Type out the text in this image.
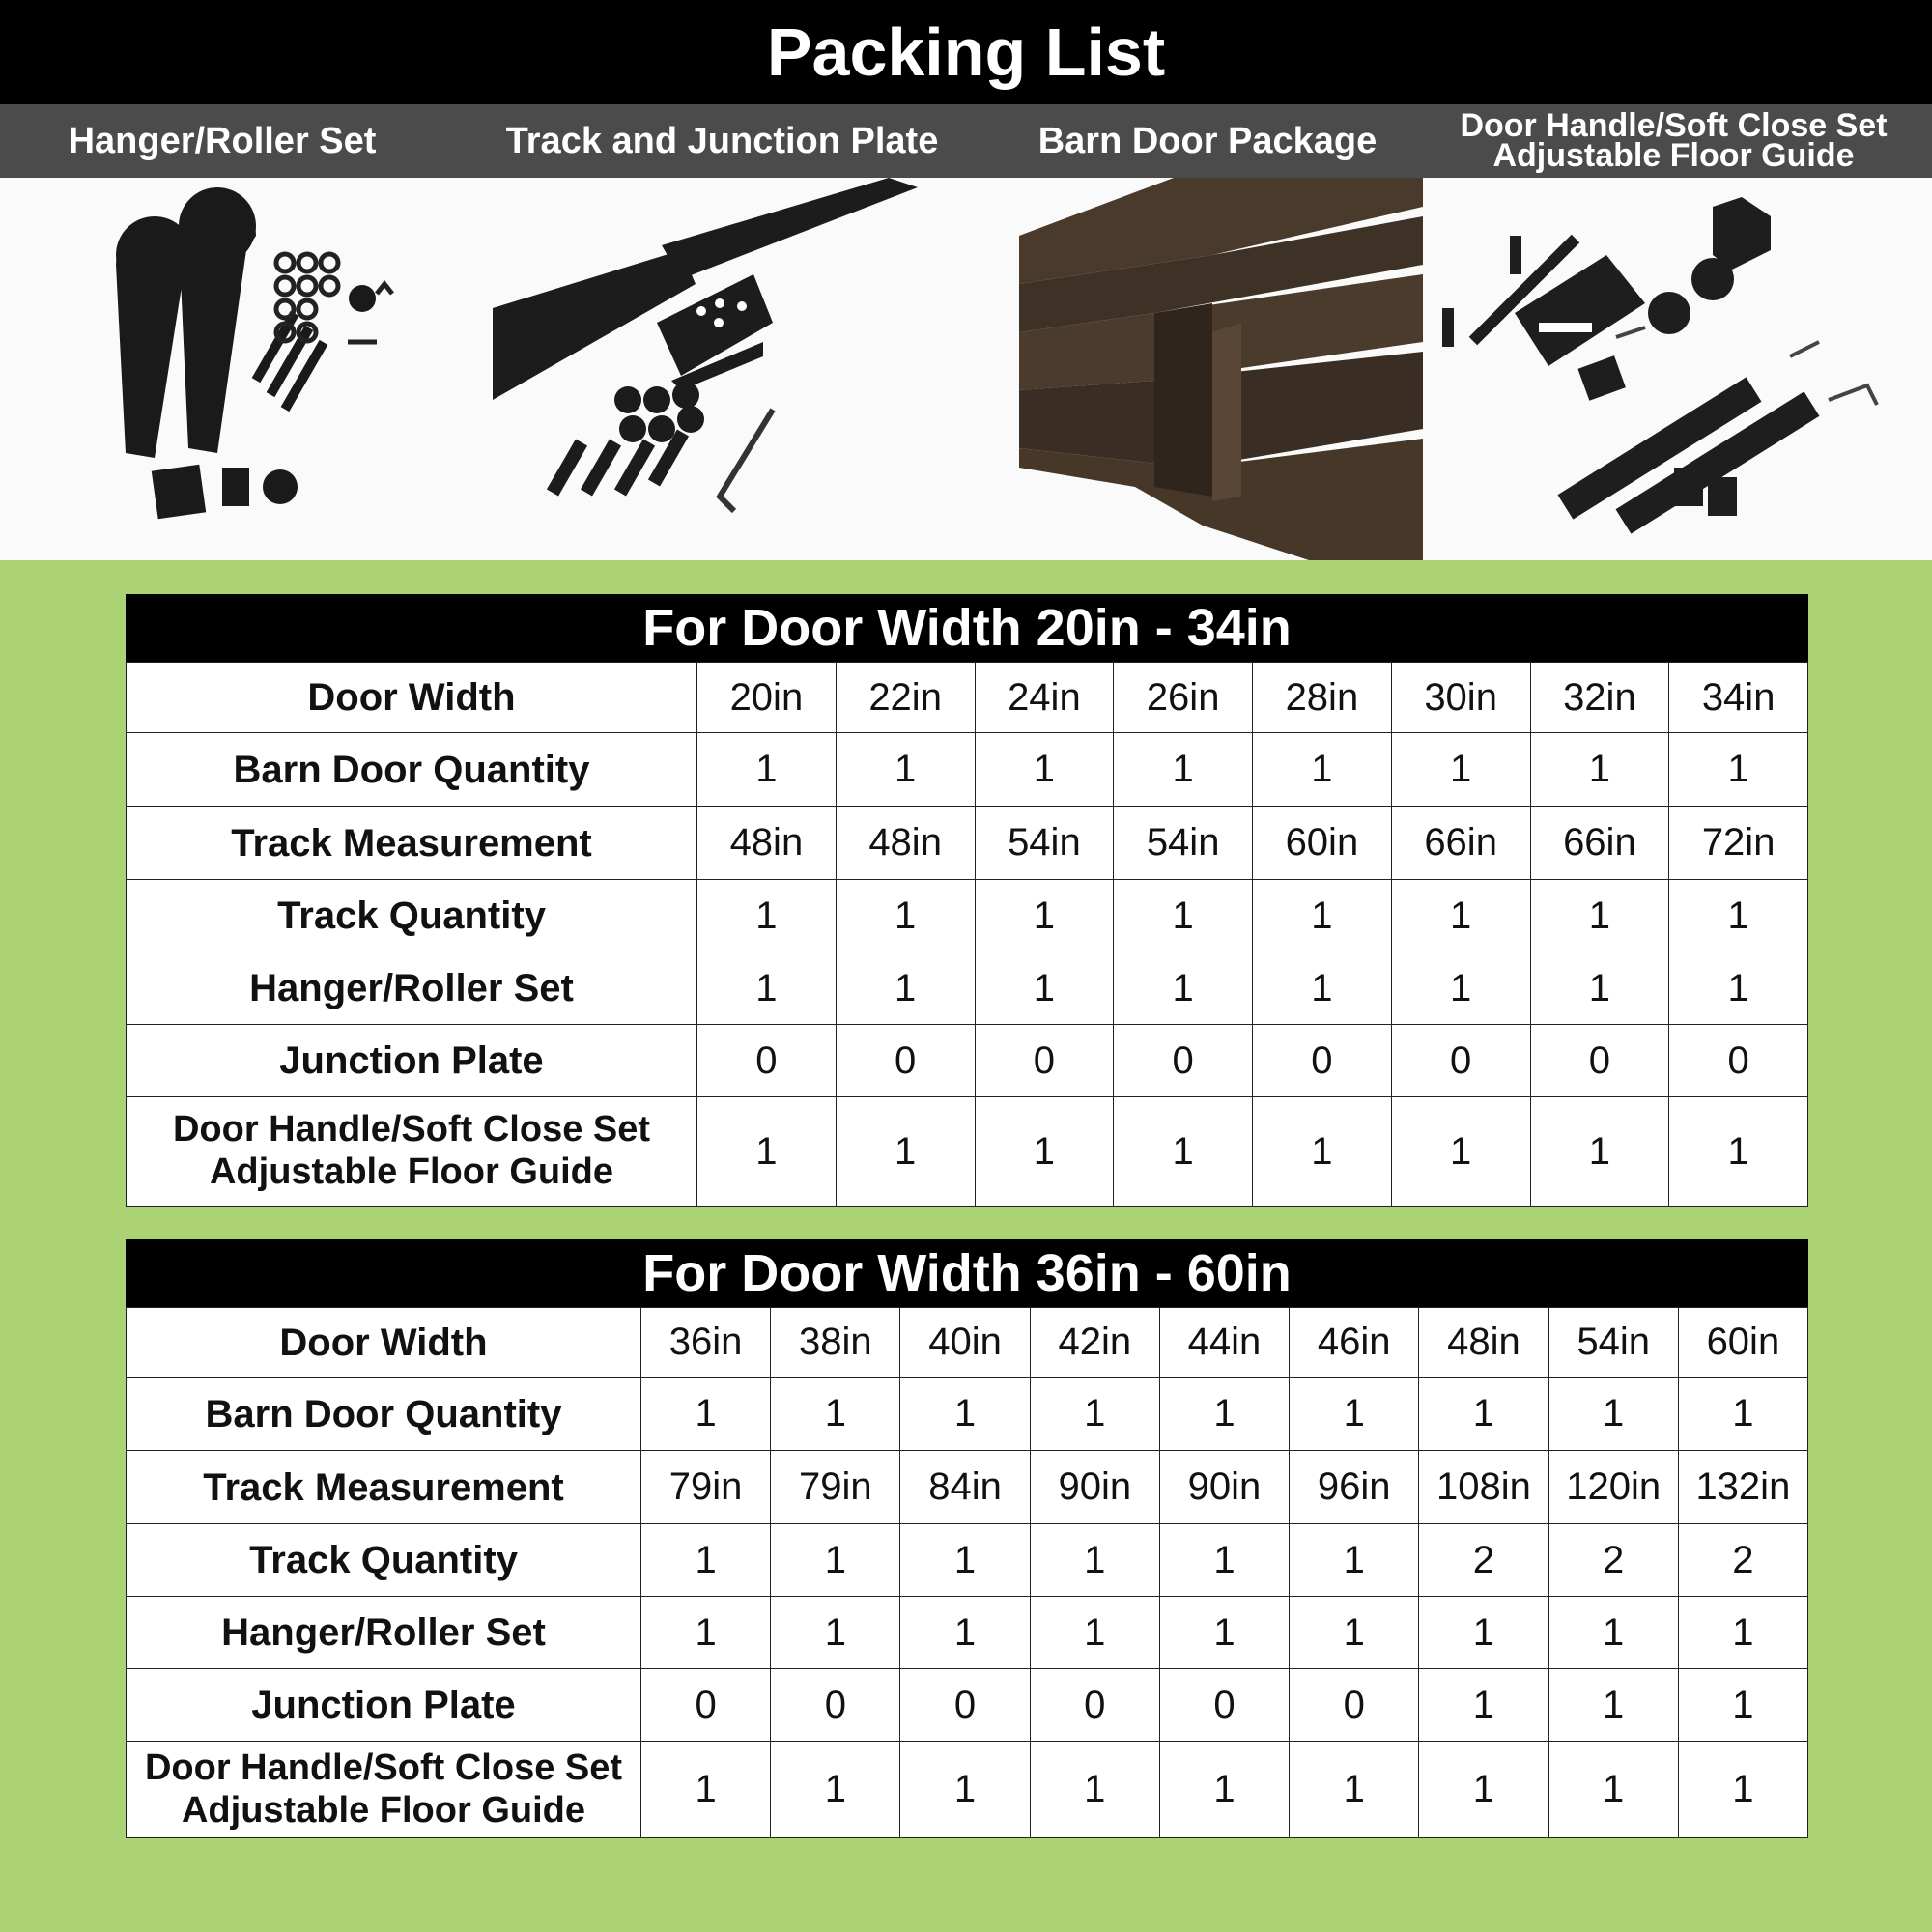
Packing List
Hanger/Roller Set	Track and Junction Plate	Barn Door Package	Door Handle/Soft Close Set
Adjustable Floor Guide
For Door Width 20in - 34in
Door Width	20in	22in	24in	26in	28in	30in	32in	34in
Barn Door Quantity	1	1	1	1	1	1	1	1
Track Measurement	48in	48in	54in	54in	60in	66in	66in	72in
Track Quantity	1	1	1	1	1	1	1	1
Hanger/Roller Set	1	1	1	1	1	1	1	1
Junction Plate	0	0	0	0	0	0	0	0

Door Handle/Soft Close Set
Adjustable Floor Guide	1	1	1	1	1	1	1	1
For Door Width 36in - 60in
Door Width	36in	38in	40in	42in	44in	46in	48in	54in	60in
Barn Door Quantity	1	1	1	1	1	1	1	1	1
Track Measurement	79in	79in	84in	90in	90in	96in	108in	120in	132in
Track Quantity	1	1	1	1	1	1	2	2	2
Hanger/Roller Set	1	1	1	1	1	1	1	1	1
Junction Plate	0	0	0	0	0	0	1	1	1

Door Handle/Soft Close Set
Adjustable Floor Guide	1	1	1	1	1	1	1	1	1
